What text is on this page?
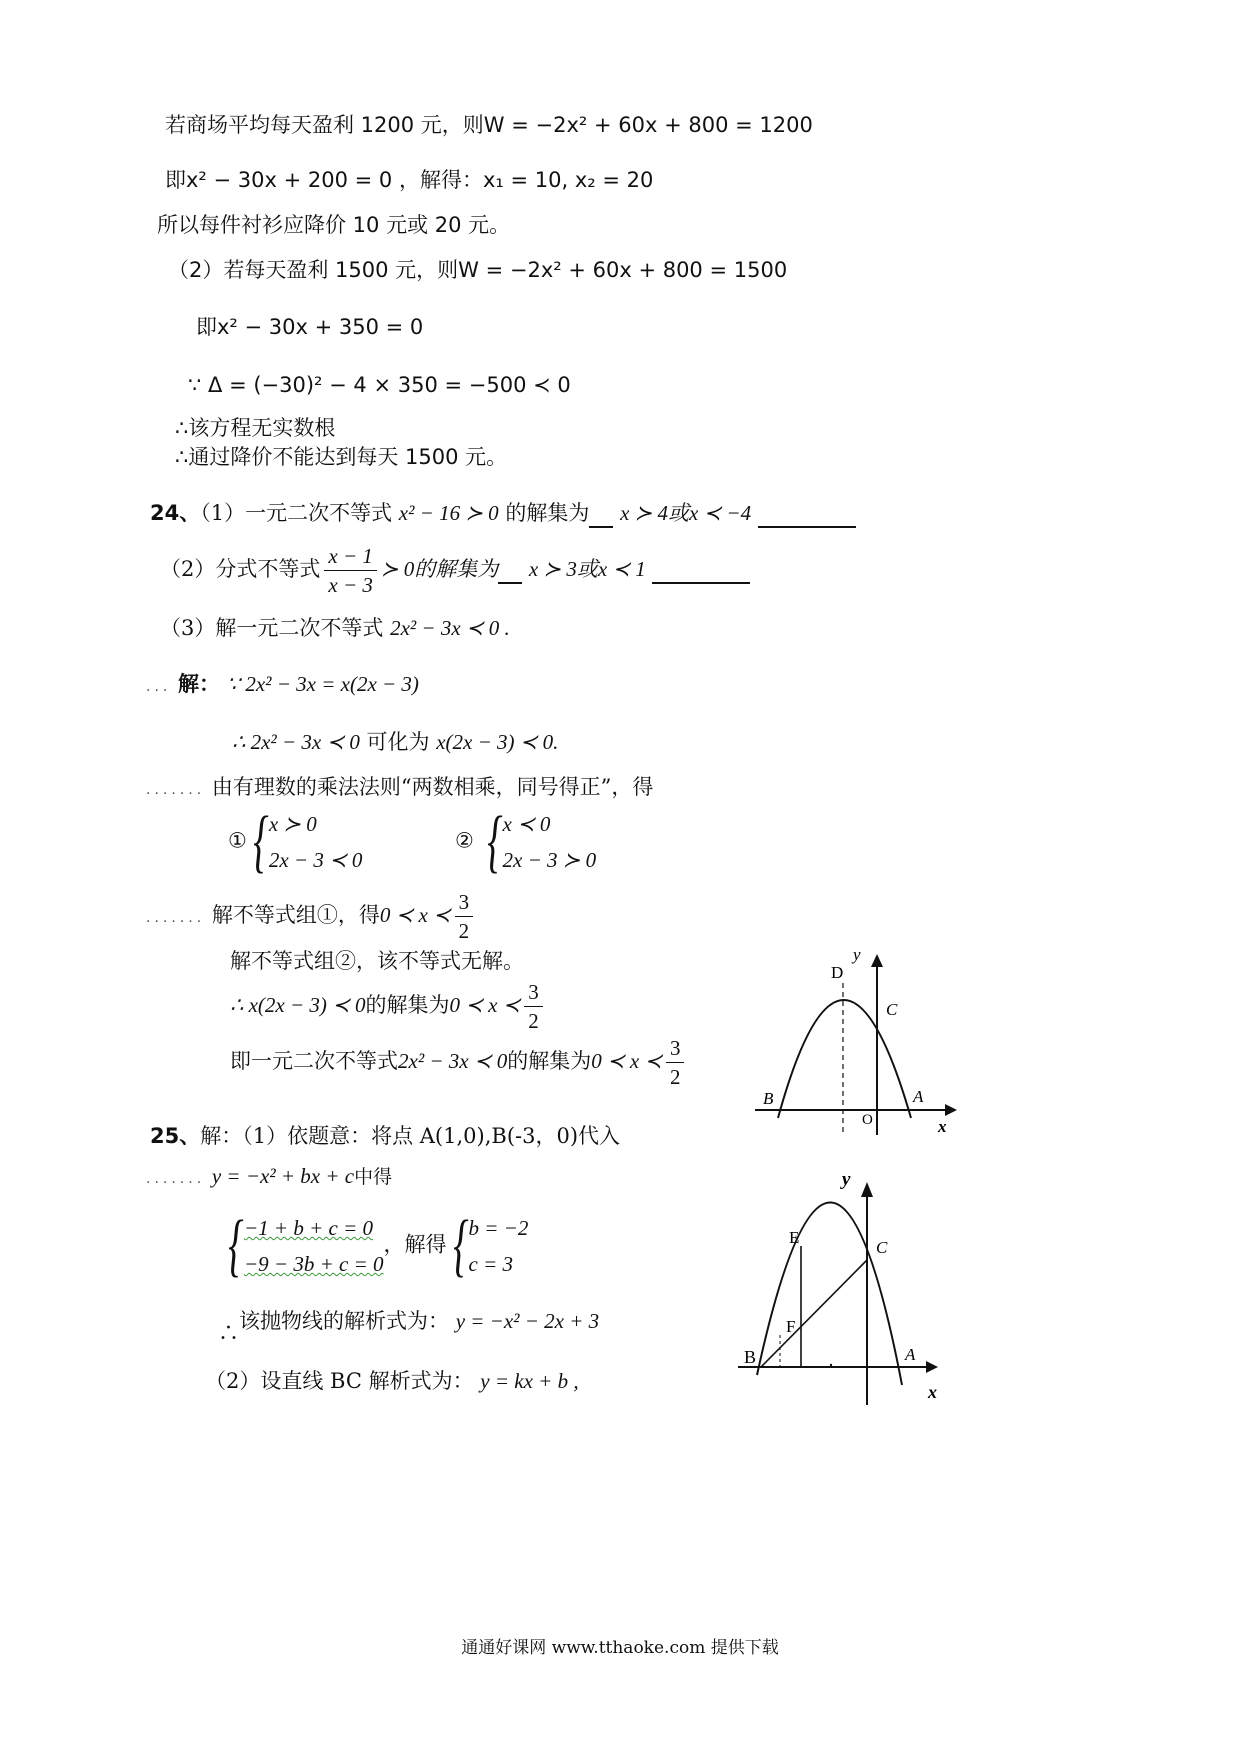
若商场平均每天盈利 1200 元，则W = −2x² + 60x + 800 = 1200
即x² − 30x + 200 = 0 ，解得：x₁ = 10, x₂ = 20
所以每件衬衫应降价 10 元或 20 元。
（2）若每天盈利 1500 元，则W = −2x² + 60x + 800 = 1500
即x² − 30x + 350 = 0
∵ Δ = (−30)² − 4 × 350 = −500 ≺ 0
∴该方程无实数根
∴通过降价不能达到每天 1500 元。
24、（1）一元二次不等式 x² − 16 ≻ 0 的解集为 x ≻ 4或x ≺ −4
（2）分式不等式 $\frac{x - 1}{x - 3}$ ≻ 0的解集为 x ≻ 3或x ≺ 1
（3）解一元二次不等式 2x² − 3x ≺ 0 .
... 解： ∵ 2x² − 3x = x(2x − 3)
∴ 2x² − 3x ≺ 0 可化为 x(2x − 3) ≺ 0.
....... 由有理数的乘法法则“两数相乘，同号得正”，得
① { x ≻ 0
2x − 3 ≺ 0
② { x ≺ 0
2x − 3 ≻ 0
....... 解不等式组①，得0 ≺ x ≺ $\frac{3}{2}$
解不等式组②，该不等式无解。
∴ x(2x − 3) ≺ 0的解集为0 ≺ x ≺ $\frac{3}{2}$
即一元二次不等式2x² − 3x ≺ 0的解集为0 ≺ x ≺ $\frac{3}{2}$
y
D
C
B	A
O	x
25、解：（1）依题意：将点 A(1,0),B(-3，0)代入
....... y = −x² + bx + c中得
{ −1 + b + c = 0
−9 − 3b + c = 0
，解得 { b = −2
c = 3
∴该抛物线的解析式为： y = −x² − 2x + 3
（2）设直线 BC 解析式为： y = kx + b ,
y
E
C
F
B	A
x
通通好课网 www.tthaoke.com 提供下载
